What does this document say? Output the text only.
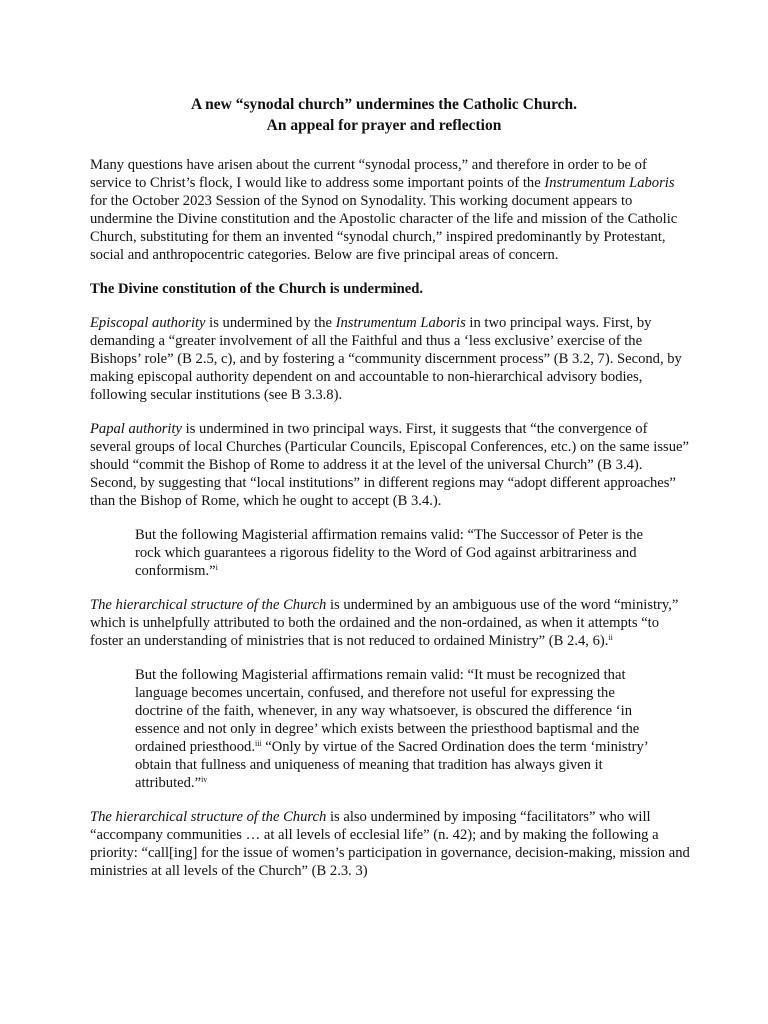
A new “synodal church” undermines the Catholic Church.
An appeal for prayer and reflection

Many questions have arisen about the current “synodal process,” and therefore in order to be of service to Christ’s flock, I would like to address some important points of the Instrumentum Laboris for the October 2023 Session of the Synod on Synodality. This working document appears to undermine the Divine constitution and the Apostolic character of the life and mission of the Catholic Church, substituting for them an invented “synodal church,” inspired predominantly by Protestant, social and anthropocentric categories. Below are five principal areas of concern.

The Divine constitution of the Church is undermined.

Episcopal authority is undermined by the Instrumentum Laboris in two principal ways. First, by demanding a “greater involvement of all the Faithful and thus a ‘less exclusive’ exercise of the Bishops’ role” (B 2.5, c), and by fostering a “community discernment process” (B 3.2, 7). Second, by making episcopal authority dependent on and accountable to non-hierarchical advisory bodies, following secular institutions (see B 3.3.8).

Papal authority is undermined in two principal ways. First, it suggests that “the convergence of several groups of local Churches (Particular Councils, Episcopal Conferences, etc.) on the same issue” should “commit the Bishop of Rome to address it at the level of the universal Church” (B 3.4). Second, by suggesting that “local institutions” in different regions may “adopt different approaches” than the Bishop of Rome, which he ought to accept (B 3.4.).

But the following Magisterial affirmation remains valid: “The Successor of Peter is the rock which guarantees a rigorous fidelity to the Word of God against arbitrariness and conformism.”$^i$

The hierarchical structure of the Church is undermined by an ambiguous use of the word “ministry,” which is unhelpfully attributed to both the ordained and the non-ordained, as when it attempts “to foster an understanding of ministries that is not reduced to ordained Ministry” (B 2.4, 6).$^{ii}$

But the following Magisterial affirmations remain valid: “It must be recognized that language becomes uncertain, confused, and therefore not useful for expressing the doctrine of the faith, whenever, in any way whatsoever, is obscured the difference ‘in essence and not only in degree’ which exists between the priesthood baptismal and the ordained priesthood.$^{iii}$ “Only by virtue of the Sacred Ordination does the term ‘ministry’ obtain that fullness and uniqueness of meaning that tradition has always given it attributed.”$^{iv}$

The hierarchical structure of the Church is also undermined by imposing “facilitators” who will “accompany communities … at all levels of ecclesial life” (n. 42); and by making the following a priority: “call[ing] for the issue of women’s participation in governance, decision-making, mission and ministries at all levels of the Church” (B 2.3. 3)
